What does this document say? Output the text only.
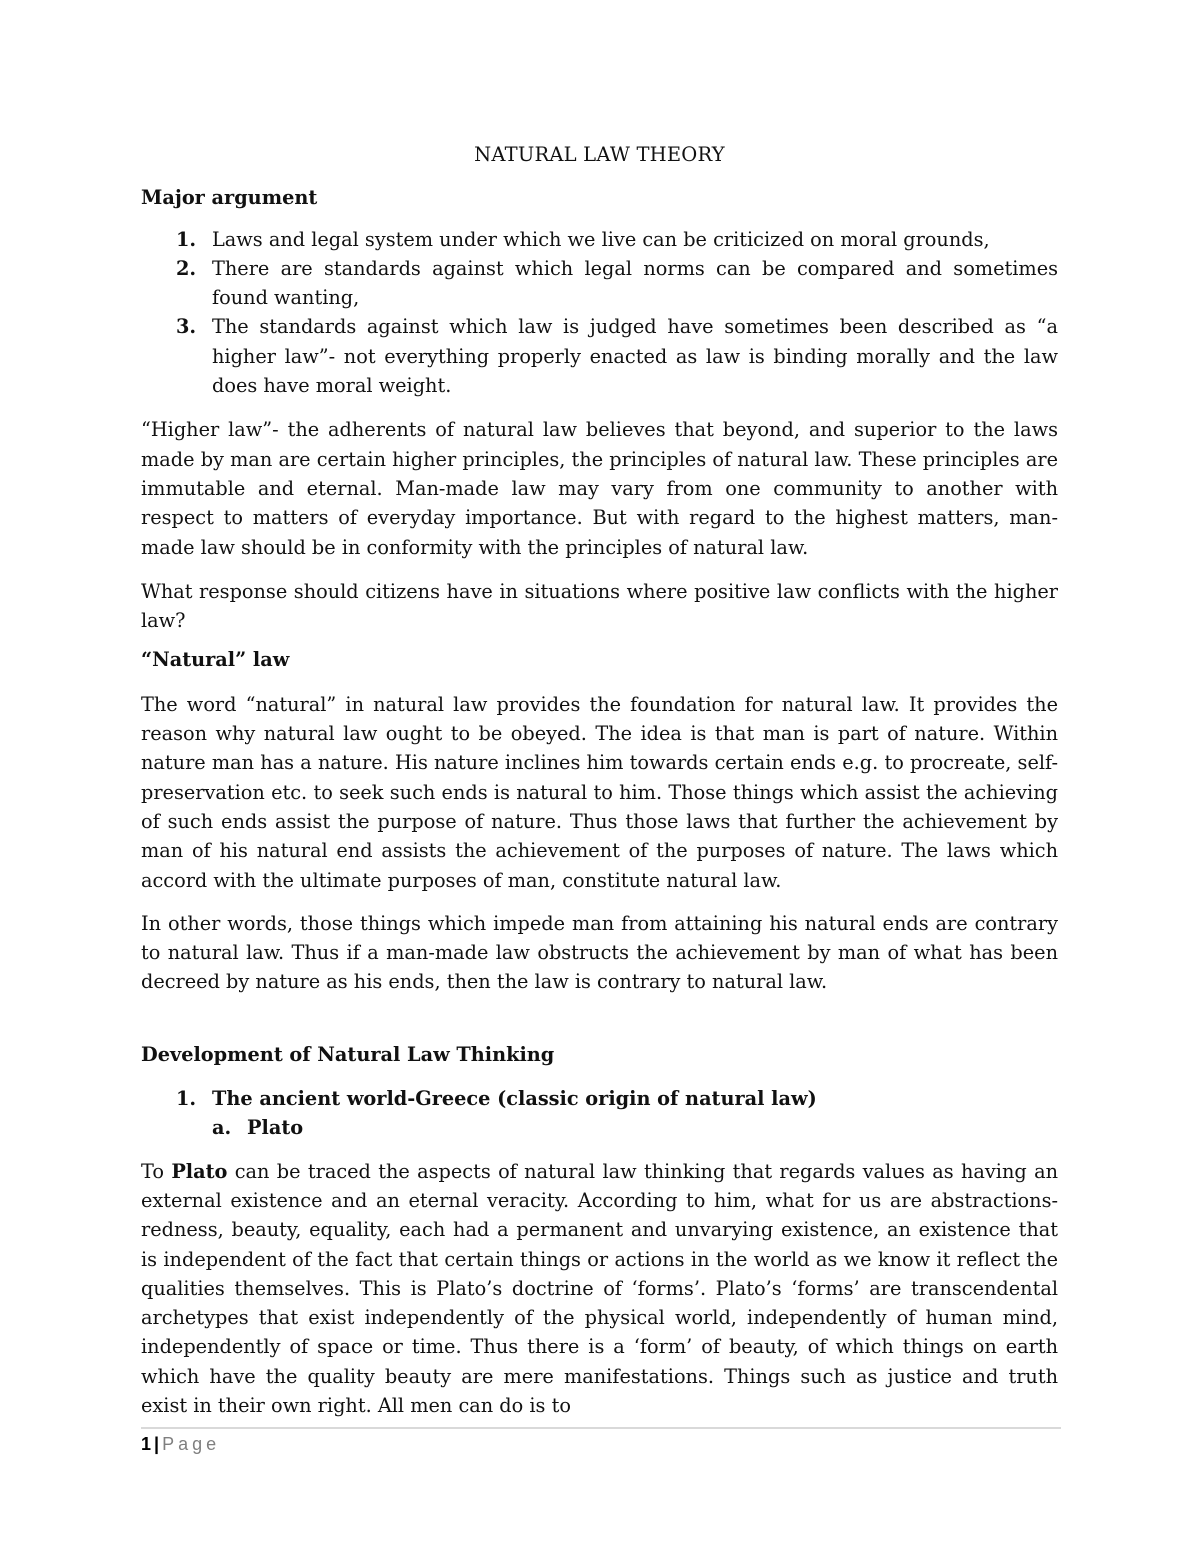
NATURAL LAW THEORY

Major argument

1. Laws and legal system under which we live can be criticized on moral grounds,
2. There are standards against which legal norms can be compared and sometimes found wanting,
3. The standards against which law is judged have sometimes been described as “a higher law”- not everything properly enacted as law is binding morally and the law does have moral weight.

“Higher law”- the adherents of natural law believes that beyond, and superior to the laws made by man are certain higher principles, the principles of natural law. These principles are immutable and eternal. Man-made law may vary from one community to another with respect to matters of everyday importance. But with regard to the highest matters, man-made law should be in conformity with the principles of natural law.

What response should citizens have in situations where positive law conflicts with the higher law?

“Natural” law

The word “natural” in natural law provides the foundation for natural law. It provides the reason why natural law ought to be obeyed. The idea is that man is part of nature. Within nature man has a nature. His nature inclines him towards certain ends e.g. to procreate, self-preservation etc. to seek such ends is natural to him. Those things which assist the achieving of such ends assist the purpose of nature. Thus those laws that further the achievement by man of his natural end assists the achievement of the purposes of nature. The laws which accord with the ultimate purposes of man, constitute natural law.

In other words, those things which impede man from attaining his natural ends are contrary to natural law. Thus if a man-made law obstructs the achievement by man of what has been decreed by nature as his ends, then the law is contrary to natural law.

Development of Natural Law Thinking

1. The ancient world-Greece (classic origin of natural law)
a. Plato

To Plato can be traced the aspects of natural law thinking that regards values as having an external existence and an eternal veracity. According to him, what for us are abstractions- redness, beauty, equality, each had a permanent and unvarying existence, an existence that is independent of the fact that certain things or actions in the world as we know it reflect the qualities themselves. This is Plato’s doctrine of ‘forms’. Plato’s ‘forms’ are transcendental archetypes that exist independently of the physical world, independently of human mind, independently of space or time. Thus there is a ‘form’ of beauty, of which things on earth which have the quality beauty are mere manifestations. Things such as justice and truth exist in their own right. All men can do is to

1 | Page
